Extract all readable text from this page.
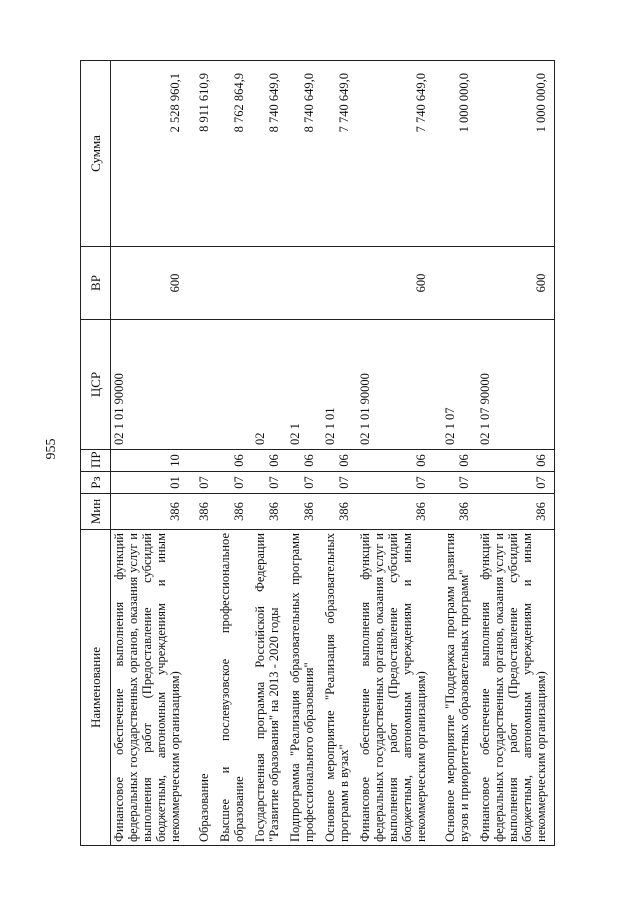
955
Наименование	Мин	Рз	ПР	ЦСР	ВР	Сумма
Финансовое обеспечение выполнения функций федеральных государственных органов, оказания услуг и выполнения работ (Предоставление субсидий бюджетным, автономным учреждениям и иным некоммерческим организациям)	386	01	10	02 1 01 90000	600	2 528 960,1
Образование	386	07				8 911 610,9
Высшее и послевузовское профессиональное образование	386	07	06			8 762 864,9
Государственная программа Российской Федерации "Развитие образования" на 2013 - 2020 годы	386	07	06	02		8 740 649,0
Подпрограмма "Реализация образовательных программ профессионального образования"	386	07	06	02 1		8 740 649,0
Основное мероприятие "Реализация образовательных программ в вузах"	386	07	06	02 1 01		7 740 649,0
Финансовое обеспечение выполнения функций федеральных государственных органов, оказания услуг и выполнения работ (Предоставление субсидий бюджетным, автономным учреждениям и иным некоммерческим организациям)	386	07	06	02 1 01 90000	600	7 740 649,0
Основное мероприятие "Поддержка программ развития вузов и приоритетных образовательных программ"	386	07	06	02 1 07		1 000 000,0
Финансовое обеспечение выполнения функций федеральных государственных органов, оказания услуг и выполнения работ (Предоставление субсидий бюджетным, автономным учреждениям и иным некоммерческим организациям)	386	07	06	02 1 07 90000	600	1 000 000,0
